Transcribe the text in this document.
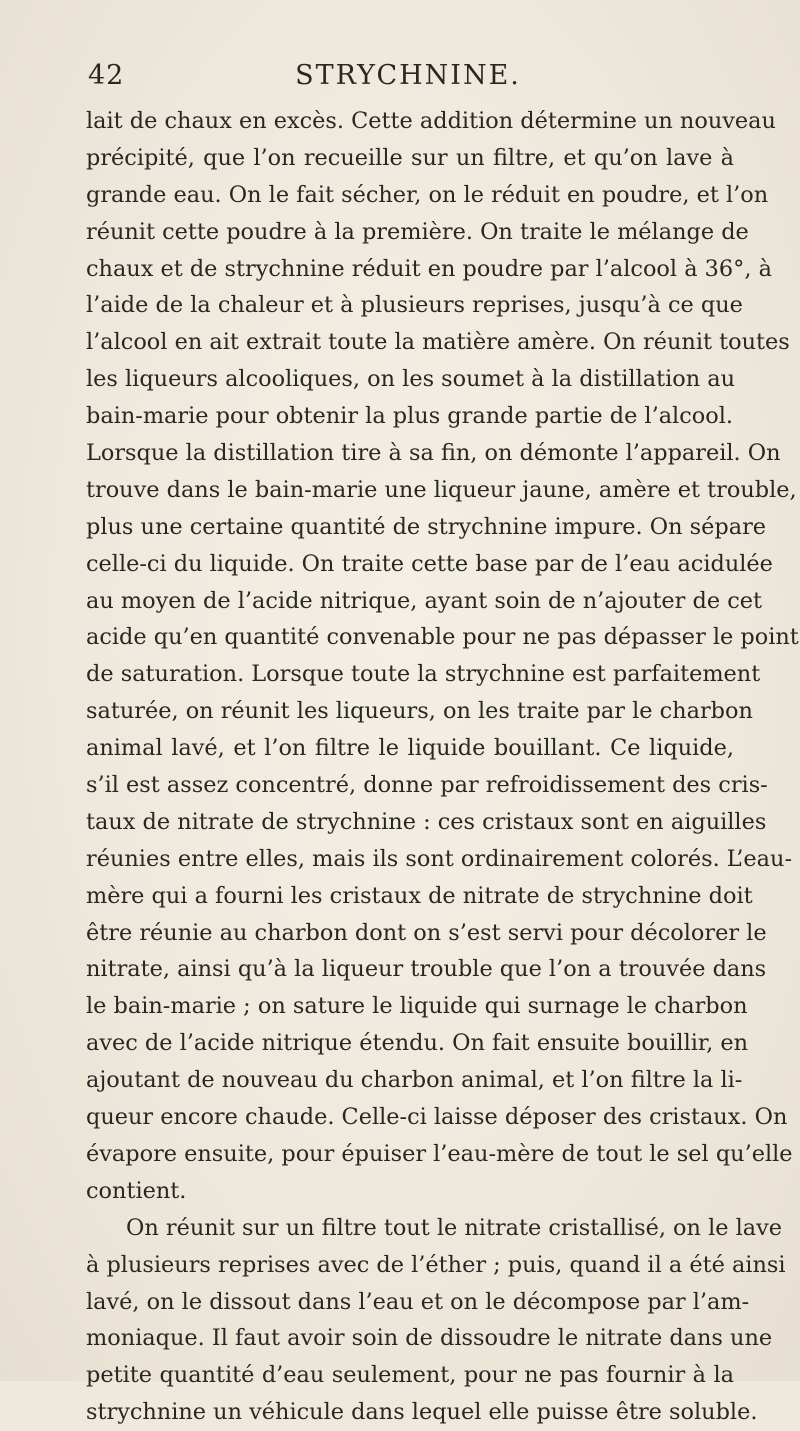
42	STRYCHNINE.
lait de chaux en excès. Cette addition détermine un nouveau
précipité, que l’on recueille sur un filtre, et qu’on lave à
grande eau. On le fait sécher, on le réduit en poudre, et l’on
réunit cette poudre à la première. On traite le mélange de
chaux et de strychnine réduit en poudre par l’alcool à 36°, à
l’aide de la chaleur et à plusieurs reprises, jusqu’à ce que
l’alcool en ait extrait toute la matière amère. On réunit toutes
les liqueurs alcooliques, on les soumet à la distillation au
bain-marie pour obtenir la plus grande partie de l’alcool.
Lorsque la distillation tire à sa fin, on démonte l’appareil. On
trouve dans le bain-marie une liqueur jaune, amère et trouble,
plus une certaine quantité de strychnine impure. On sépare
celle-ci du liquide. On traite cette base par de l’eau acidulée
au moyen de l’acide nitrique, ayant soin de n’ajouter de cet
acide qu’en quantité convenable pour ne pas dépasser le point
de saturation. Lorsque toute la strychnine est parfaitement
saturée, on réunit les liqueurs, on les traite par le charbon
animal lavé, et l’on filtre le liquide bouillant. Ce liquide,
s’il est assez concentré, donne par refroidissement des cris-
taux de nitrate de strychnine : ces cristaux sont en aiguilles
réunies entre elles, mais ils sont ordinairement colorés. L’eau-
mère qui a fourni les cristaux de nitrate de strychnine doit
être réunie au charbon dont on s’est servi pour décolorer le
nitrate, ainsi qu’à la liqueur trouble que l’on a trouvée dans
le bain-marie ; on sature le liquide qui surnage le charbon
avec de l’acide nitrique étendu. On fait ensuite bouillir, en
ajoutant de nouveau du charbon animal, et l’on filtre la li-
queur encore chaude. Celle-ci laisse déposer des cristaux. On
évapore ensuite, pour épuiser l’eau-mère de tout le sel qu’elle
contient.
On réunit sur un filtre tout le nitrate cristallisé, on le lave
à plusieurs reprises avec de l’éther ; puis, quand il a été ainsi
lavé, on le dissout dans l’eau et on le décompose par l’am-
moniaque. Il faut avoir soin de dissoudre le nitrate dans une
petite quantité d’eau seulement, pour ne pas fournir à la
strychnine un véhicule dans lequel elle puisse être soluble.
